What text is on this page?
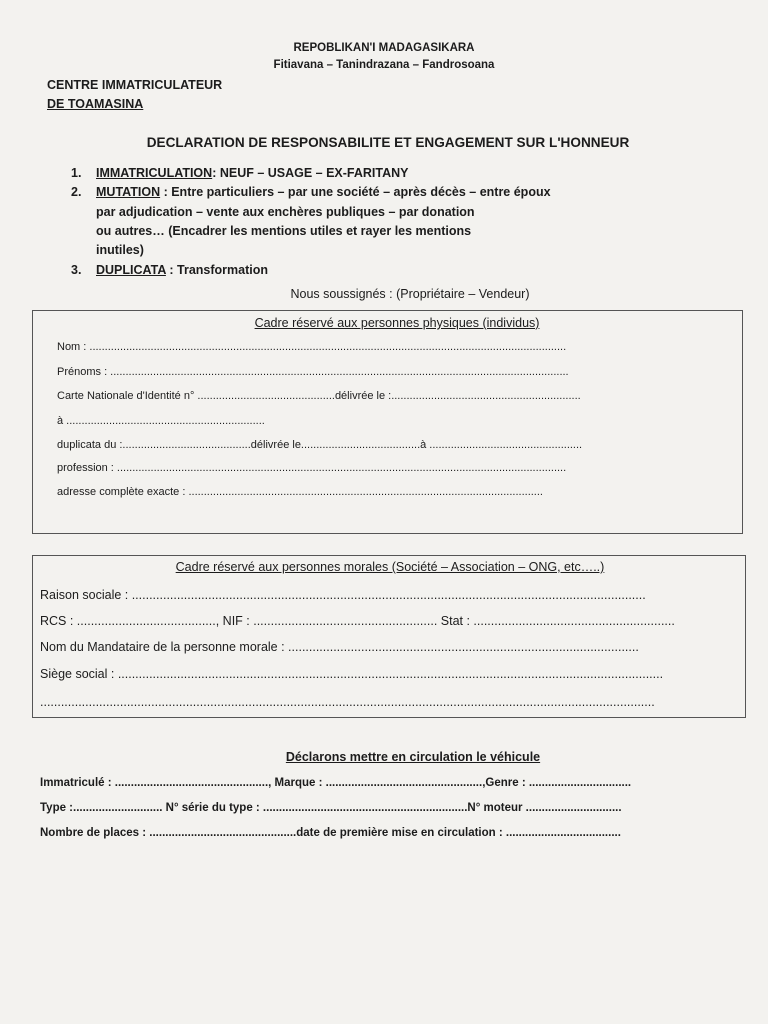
REPOBLIKAN'I MADAGASIKARA
Fitiavana – Tanindrazana – Fandrosoana
CENTRE IMMATRICULATEUR
DE TOAMASINA
DECLARATION DE RESPONSABILITE ET ENGAGEMENT SUR L'HONNEUR
1. IMMATRICULATION: NEUF – USAGE – EX-FARITANY
2. MUTATION : Entre particuliers – par une société – après décès – entre époux
par adjudication – vente aux enchères publiques – par donation
ou autres… (Encadrer les mentions utiles et rayer les mentions
inutiles)
3. DUPLICATA : Transformation
Nous soussignés : (Propriétaire – Vendeur)
Cadre réservé aux personnes physiques (individus)
Nom : ............................................................................................................................................................
Prénoms : ......................................................................................................................................................
Carte Nationale d'Identité n° .............................................délivrée le :..............................................................
à .................................................................
duplicata du :..........................................délivrée le.......................................à ..................................................
profession : ...................................................................................................................................................
adresse complète exacte : ....................................................................................................................
Cadre réservé aux personnes morales (Société – Association – ONG, etc…..)
Raison sociale : ....................................................................................................................................................
RCS : ........................................, NIF : ..................................................... Stat : ..........................................................
Nom du Mandataire de la personne morale : .....................................................................................................
Siège social : .............................................................................................................................................................
.................................................................................................................................................................................
Déclarons mettre en circulation le véhicule
Immatriculé : ................................................, Marque : .................................................,Genre : ................................
Type :............................ N° série du type : ................................................................N° moteur ..............................
Nombre de places : ..............................................date de première mise en circulation : ....................................
